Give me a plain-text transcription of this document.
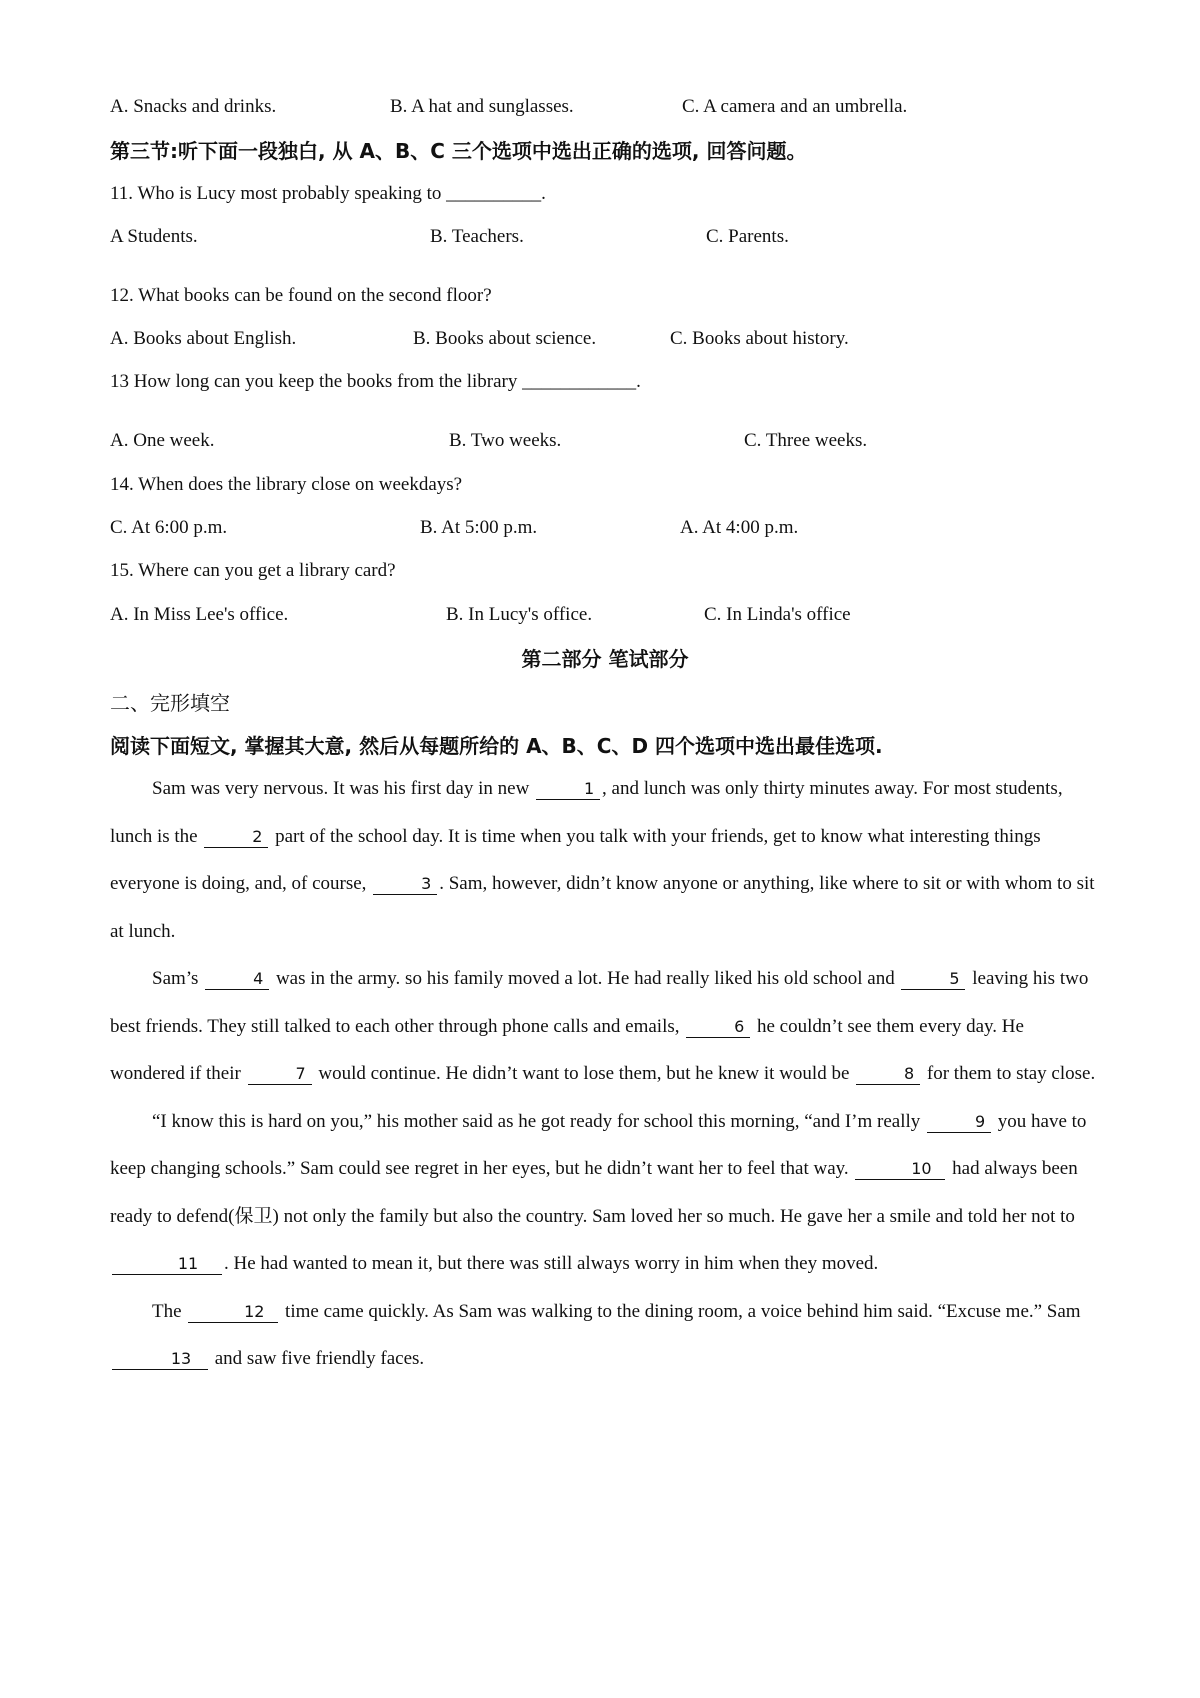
A. Snacks and drinks.	B. A hat and sunglasses.	C. A camera and an umbrella.
第三节:听下面一段独白, 从 A、B、C 三个选项中选出正确的选项, 回答问题。
11. Who is Lucy most probably speaking to __________.
A Students.	B. Teachers.	C. Parents.
12. What books can be found on the second floor?
A. Books about English.	B. Books about science.	C. Books about history.
13 How long can you keep the books from the library ____________.
A. One week.	B. Two weeks.	C. Three weeks.
14. When does the library close on weekdays?
C. At 6:00 p.m.	B. At 5:00 p.m.	A. At 4:00 p.m.
15. Where can you get a library card?
A. In Miss Lee's office.	B. In Lucy's office.	C. In Linda's office
第二部分 笔试部分
二、完形填空
阅读下面短文, 掌握其大意, 然后从每题所给的 A、B、C、D 四个选项中选出最佳选项.

Sam was very nervous. It was his first day in new	1 , and lunch was only thirty minutes away. For most students, lunch is the	2 part of the school day. It is time when you talk with your friends, get to know what interesting things everyone is doing, and, of course,	3 . Sam, however, didn’t know anyone or anything, like where to sit or with whom to sit at lunch.

Sam’s	4 was in the army. so his family moved a lot. He had really liked his old school and	5 leaving his two best friends. They still talked to each other through phone calls and emails,	6 he couldn’t see them every day. He wondered if their	7 would continue. He didn’t want to lose them, but he knew it would be	8 for them to stay close.

“I know this is hard on you,” his mother said as he got ready for school this morning, “and I’m really	9 you have to keep changing schools.” Sam could see regret in her eyes, but he didn’t want her to feel that way.	10 had always been ready to defend(保卫) not only the family but also the country. Sam loved her so much. He gave her a smile and told her not to 11 . He had wanted to mean it, but there was still always worry in him when they moved.

The	12 time came quickly. As Sam was walking to the dining room, a voice behind him said. “Excuse me.” Sam 13 and saw five friendly faces.
